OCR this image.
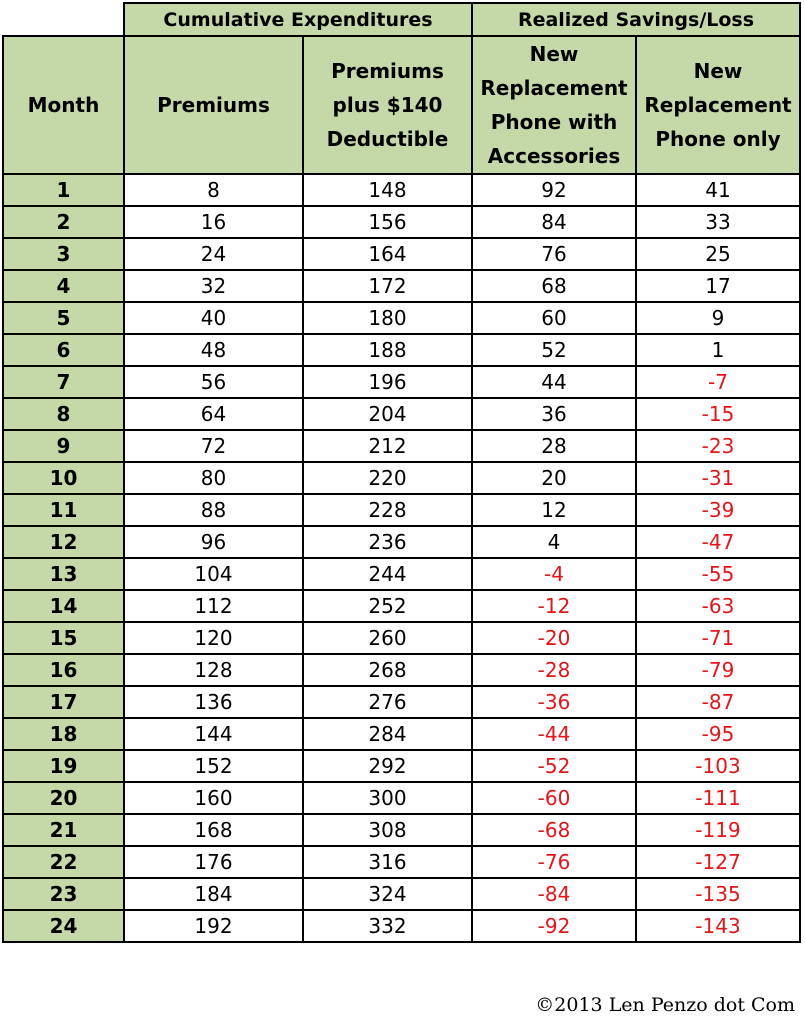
	Cumulative Expenditures		Realized Savings/Loss	
Month	Premiums	Premiums plus $140 Deductible	New Replacement Phone with Accessories	New Replacement Phone only
1	8	148	92	41
2	16	156	84	33
3	24	164	76	25
4	32	172	68	17
5	40	180	60	9
6	48	188	52	1
7	56	196	44	-7
8	64	204	36	-15
9	72	212	28	-23
10	80	220	20	-31
11	88	228	12	-39
12	96	236	4	-47
13	104	244	-4	-55
14	112	252	-12	-63
15	120	260	-20	-71
16	128	268	-28	-79
17	136	276	-36	-87
18	144	284	-44	-95
19	152	292	-52	-103
20	160	300	-60	-111
21	168	308	-68	-119
22	176	316	-76	-127
23	184	324	-84	-135
24	192	332	-92	-143
©2013 Len Penzo dot Com
